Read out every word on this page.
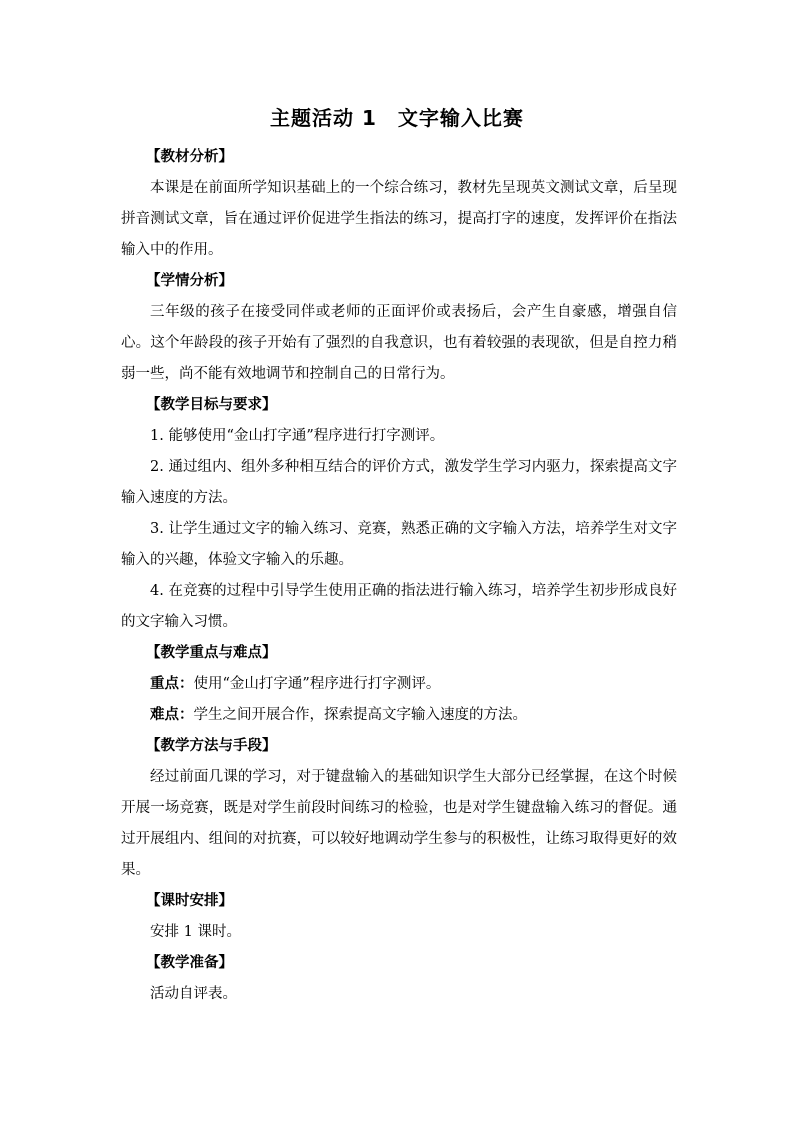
主题活动 1　文字输入比赛

【教材分析】

本课是在前面所学知识基础上的一个综合练习，教材先呈现英文测试文章，后呈现拼音测试文章，旨在通过评价促进学生指法的练习，提高打字的速度，发挥评价在指法输入中的作用。

【学情分析】

三年级的孩子在接受同伴或老师的正面评价或表扬后，会产生自豪感，增强自信心。这个年龄段的孩子开始有了强烈的自我意识，也有着较强的表现欲，但是自控力稍弱一些，尚不能有效地调节和控制自己的日常行为。

【教学目标与要求】

1. 能够使用“金山打字通”程序进行打字测评。

2. 通过组内、组外多种相互结合的评价方式，激发学生学习内驱力，探索提高文字输入速度的方法。

3. 让学生通过文字的输入练习、竞赛，熟悉正确的文字输入方法，培养学生对文字输入的兴趣，体验文字输入的乐趣。

4. 在竞赛的过程中引导学生使用正确的指法进行输入练习，培养学生初步形成良好的文字输入习惯。

【教学重点与难点】

重点：使用“金山打字通”程序进行打字测评。

难点：学生之间开展合作，探索提高文字输入速度的方法。

【教学方法与手段】

经过前面几课的学习，对于键盘输入的基础知识学生大部分已经掌握，在这个时候开展一场竞赛，既是对学生前段时间练习的检验，也是对学生键盘输入练习的督促。通过开展组内、组间的对抗赛，可以较好地调动学生参与的积极性，让练习取得更好的效果。

【课时安排】

安排 1 课时。

【教学准备】

活动自评表。
